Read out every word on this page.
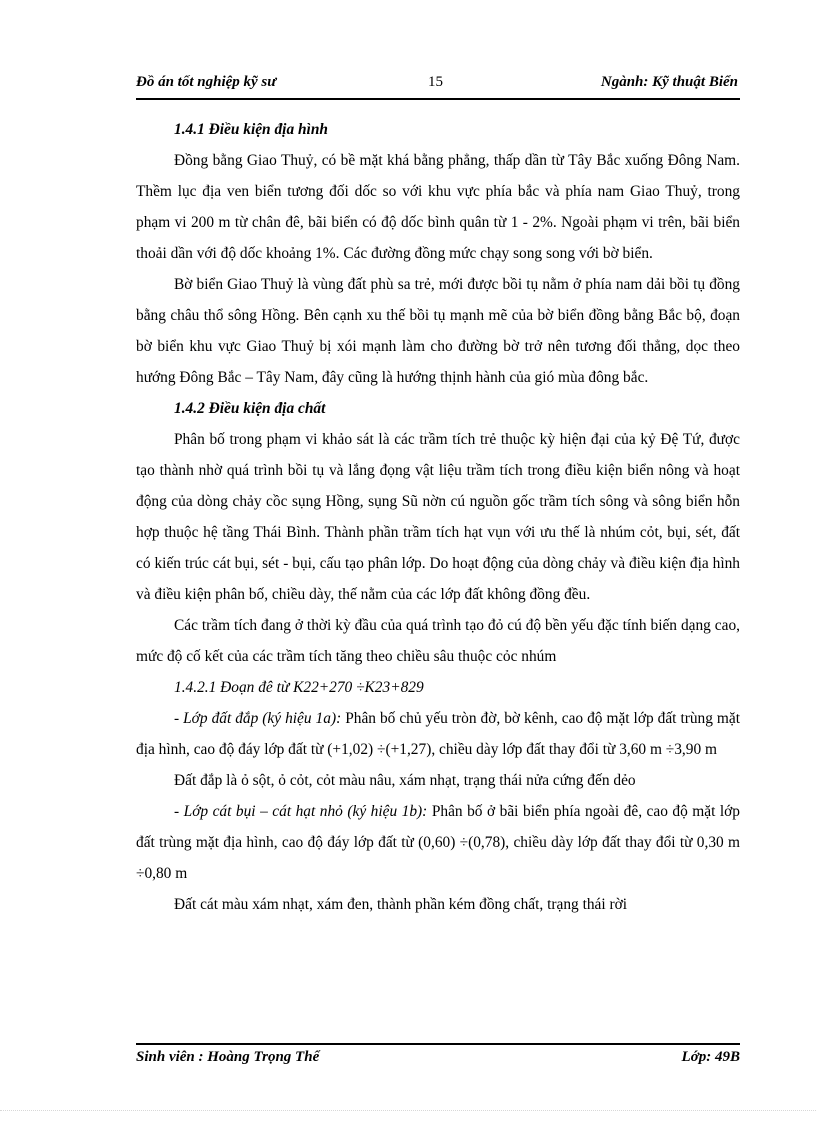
Đồ án tốt nghiệp kỹ sư	15	Ngành: Kỹ thuật Biển

1.4.1 Điều kiện địa hình

Đồng bằng Giao Thuỷ, có bề mặt khá bằng phẳng, thấp dần từ Tây Bắc xuống Đông Nam. Thềm lục địa ven biển tương đối dốc so với khu vực phía bắc và phía nam Giao Thuỷ, trong phạm vi 200 m từ chân đê, bãi biển có độ dốc bình quân từ 1 - 2%. Ngoài phạm vi trên, bãi biển thoải dần với độ dốc khoảng 1%. Các đường đồng mức chạy song song với bờ biển.

Bờ biển Giao Thuỷ là vùng đất phù sa trẻ, mới được bồi tụ nằm ở phía nam dải bồi tụ đồng bằng châu thổ sông Hồng. Bên cạnh xu thế bồi tụ mạnh mẽ của bờ biển đồng bằng Bắc bộ, đoạn bờ biển khu vực Giao Thuỷ bị xói mạnh làm cho đường bờ trở nên tương đối thẳng, dọc theo hướng Đông Bắc – Tây Nam, đây cũng là hướng thịnh hành của gió mùa đông bắc.

1.4.2 Điều kiện địa chất

Phân bố trong phạm vi khảo sát là các trầm tích trẻ thuộc kỳ hiện đại của kỷ Đệ Tứ, được tạo thành nhờ quá trình bồi tụ và lắng đọng vật liệu trầm tích trong điều kiện biển nông và hoạt động của dòng chảy cồc sụng Hồng, sụng Sũ nờn cú nguồn gốc trầm tích sông và sông biển hỗn hợp thuộc hệ tầng Thái Bình. Thành phần trầm tích hạt vụn với ưu thế là nhúm cỏt, bụi, sét, đất có kiến trúc cát bụi, sét - bụi, cấu tạo phân lớp. Do hoạt động của dòng chảy và điều kiện địa hình và điều kiện phân bố, chiều dày, thế nằm của các lớp đất không đồng đều.

Các trầm tích đang ở thời kỳ đầu của quá trình tạo đỏ cú độ bền yếu đặc tính biến dạng cao, mức độ cố kết của các trầm tích tăng theo chiều sâu thuộc cỏc nhúm

1.4.2.1 Đoạn đê từ K22+270 ÷K23+829

- Lớp đất đắp (ký hiệu 1a): Phân bố chủ yếu tròn đờ, bờ kênh, cao độ mặt lớp đất trùng mặt địa hình, cao độ đáy lớp đất từ (+1,02) ÷(+1,27), chiều dày lớp đất thay đổi từ 3,60 m ÷3,90 m

Đất đắp là ỏ sột, ỏ cỏt, cỏt màu nâu, xám nhạt, trạng thái nửa cứng đến dẻo

- Lớp cát bụi – cát hạt nhỏ (ký hiệu 1b): Phân bố ở bãi biển phía ngoài đê, cao độ mặt lớp đất trùng mặt địa hình, cao độ đáy lớp đất từ (0,60) ÷(0,78), chiều dày lớp đất thay đổi từ 0,30 m ÷0,80 m

Đất cát màu xám nhạt, xám đen, thành phần kém đồng chất, trạng thái rời

Sinh viên : Hoàng Trọng Thể	Lớp: 49B
